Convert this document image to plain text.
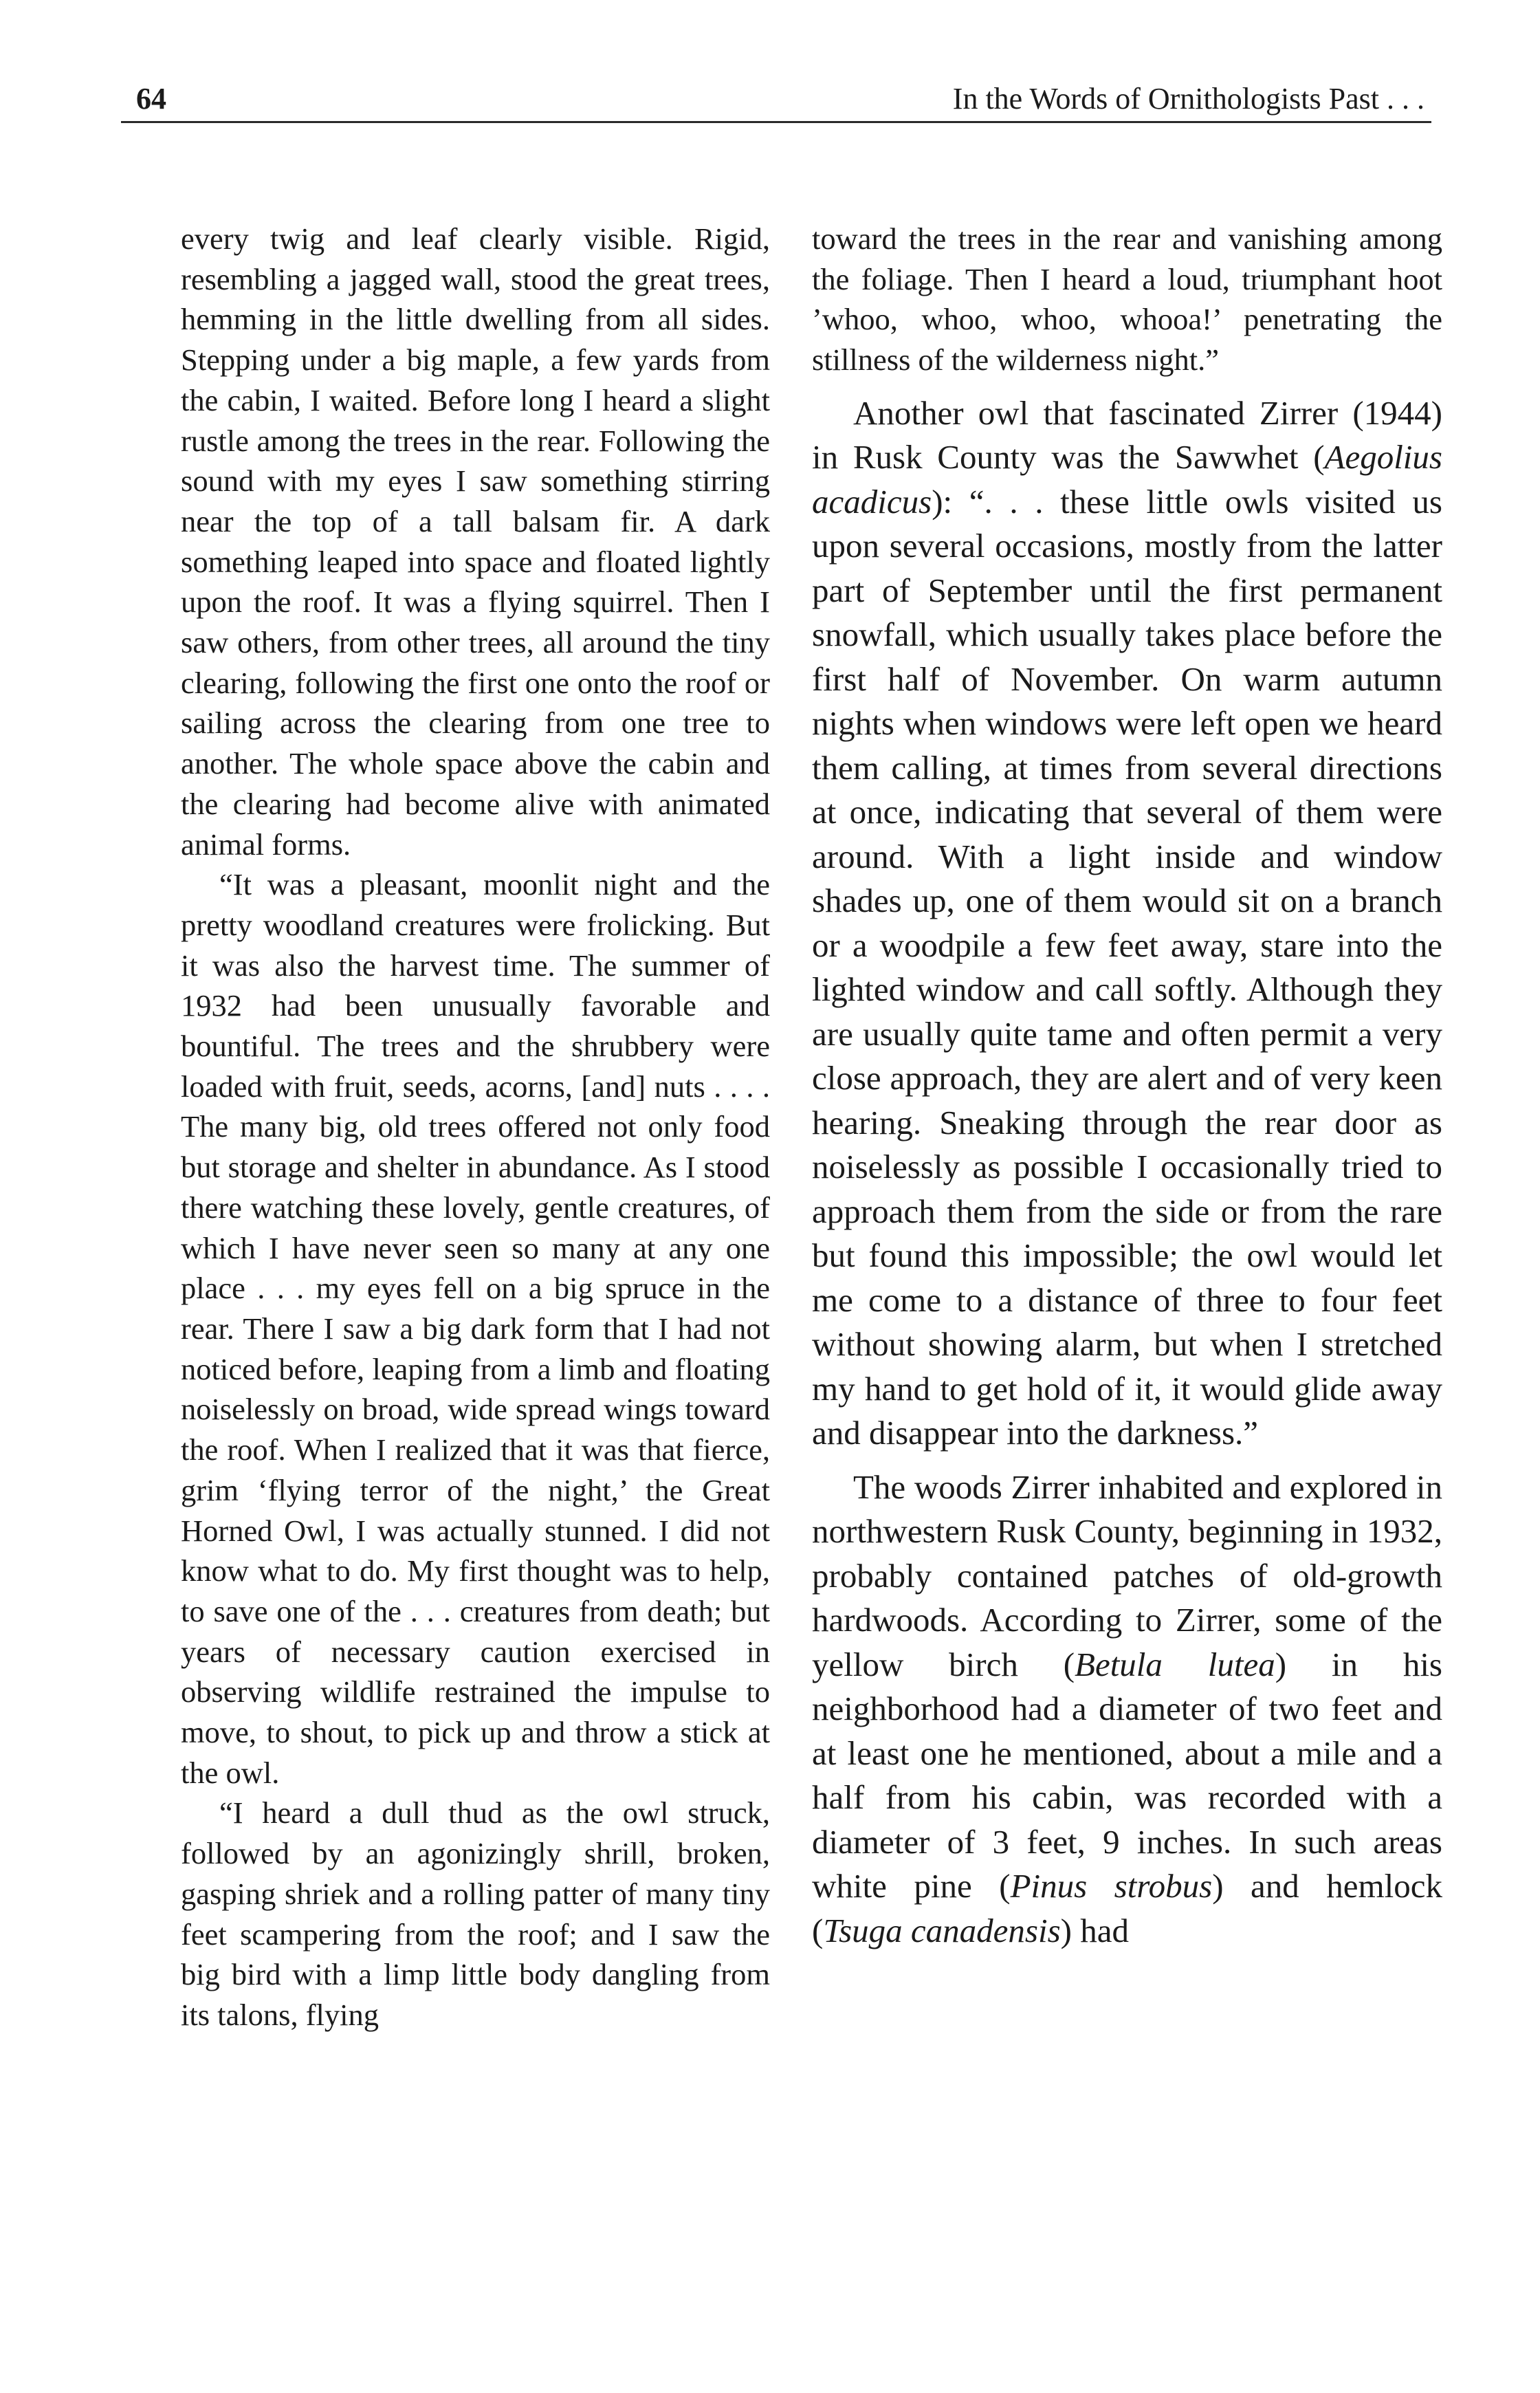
64	In the Words of Ornithologists Past . . .

every twig and leaf clearly visible. Rigid, resembling a jagged wall, stood the great trees, hemming in the little dwelling from all sides. Stepping under a big maple, a few yards from the cabin, I waited. Before long I heard a slight rustle among the trees in the rear. Following the sound with my eyes I saw something stirring near the top of a tall balsam fir. A dark something leaped into space and floated lightly upon the roof. It was a flying squirrel. Then I saw others, from other trees, all around the tiny clearing, following the first one onto the roof or sailing across the clearing from one tree to another. The whole space above the cabin and the clearing had become alive with animated animal forms.

“It was a pleasant, moonlit night and the pretty woodland creatures were frolicking. But it was also the harvest time. The summer of 1932 had been unusually favorable and bountiful. The trees and the shrubbery were loaded with fruit, seeds, acorns, [and] nuts . . . . The many big, old trees offered not only food but storage and shelter in abundance. As I stood there watching these lovely, gentle creatures, of which I have never seen so many at any one place . . . my eyes fell on a big spruce in the rear. There I saw a big dark form that I had not noticed before, leaping from a limb and floating noiselessly on broad, wide spread wings toward the roof. When I realized that it was that fierce, grim ‘flying terror of the night,’ the Great Horned Owl, I was actually stunned. I did not know what to do. My first thought was to help, to save one of the . . . creatures from death; but years of necessary caution exercised in observing wildlife restrained the impulse to move, to shout, to pick up and throw a stick at the owl.

“I heard a dull thud as the owl struck, followed by an agonizingly shrill, broken, gasping shriek and a rolling patter of many tiny feet scampering from the roof; and I saw the big bird with a limp little body dangling from its talons, flying

toward the trees in the rear and vanishing among the foliage. Then I heard a loud, triumphant hoot ’whoo, whoo, whoo, whooa!’ penetrating the stillness of the wilderness night.”

Another owl that fascinated Zirrer (1944) in Rusk County was the Sawwhet (Aegolius acadicus): “. . . these little owls visited us upon several occasions, mostly from the latter part of September until the first permanent snowfall, which usually takes place before the first half of November. On warm autumn nights when windows were left open we heard them calling, at times from several directions at once, indicating that several of them were around. With a light inside and window shades up, one of them would sit on a branch or a woodpile a few feet away, stare into the lighted window and call softly. Although they are usually quite tame and often permit a very close approach, they are alert and of very keen hearing. Sneaking through the rear door as noiselessly as possible I occasionally tried to approach them from the side or from the rare but found this impossible; the owl would let me come to a distance of three to four feet without showing alarm, but when I stretched my hand to get hold of it, it would glide away and disappear into the darkness.”

The woods Zirrer inhabited and explored in northwestern Rusk County, beginning in 1932, probably contained patches of old-growth hardwoods. According to Zirrer, some of the yellow birch (Betula lutea) in his neighborhood had a diameter of two feet and at least one he mentioned, about a mile and a half from his cabin, was recorded with a diameter of 3 feet, 9 inches. In such areas white pine (Pinus strobus) and hemlock (Tsuga canadensis) had
